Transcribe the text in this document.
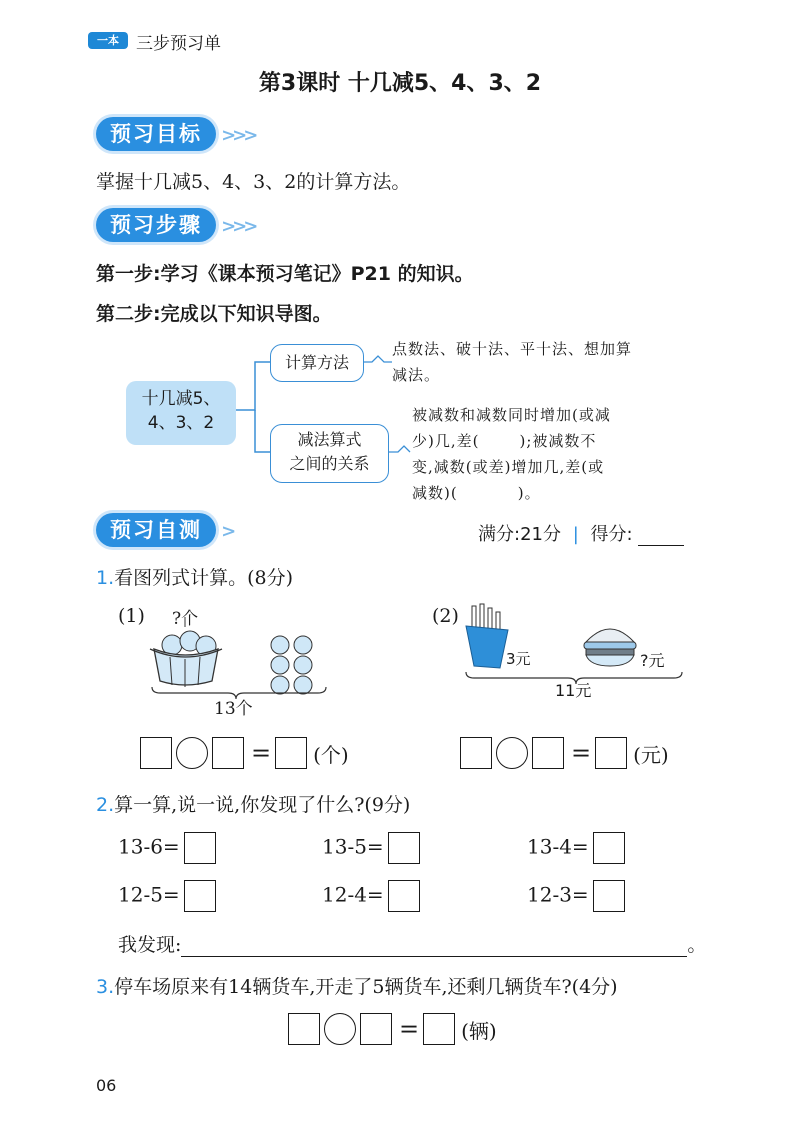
一本	三步预习单
第3课时 十几减5、4、3、2
预习目标 >>>
掌握十几减5、4、3、2的计算方法。
预习步骤 >>>
第一步:学习《课本预习笔记》P21 的知识。
第二步:完成以下知识导图。
十几减5、
4、3、2
计算方法
减法算式
之间的关系
点数法、破十法、平十法、想加算
减法。
被减数和减数同时增加(或减
少)几,差(	);被减数不
变,减数(或差)增加几,差(或
减数)(	)。
预习自测 >	满分:21分 | 得分:
1.看图列式计算。(8分)
(1) ?个
13个
(2)
3元	?元
11元
= (个)	= (元)
2.算一算,说一说,你发现了什么?(9分)
13-6=	13-5=	13-4=
12-5=	12-4=	12-3=
我发现:	。
3.停车场原来有14辆货车,开走了5辆货车,还剩几辆货车?(4分)
= (辆)
06
